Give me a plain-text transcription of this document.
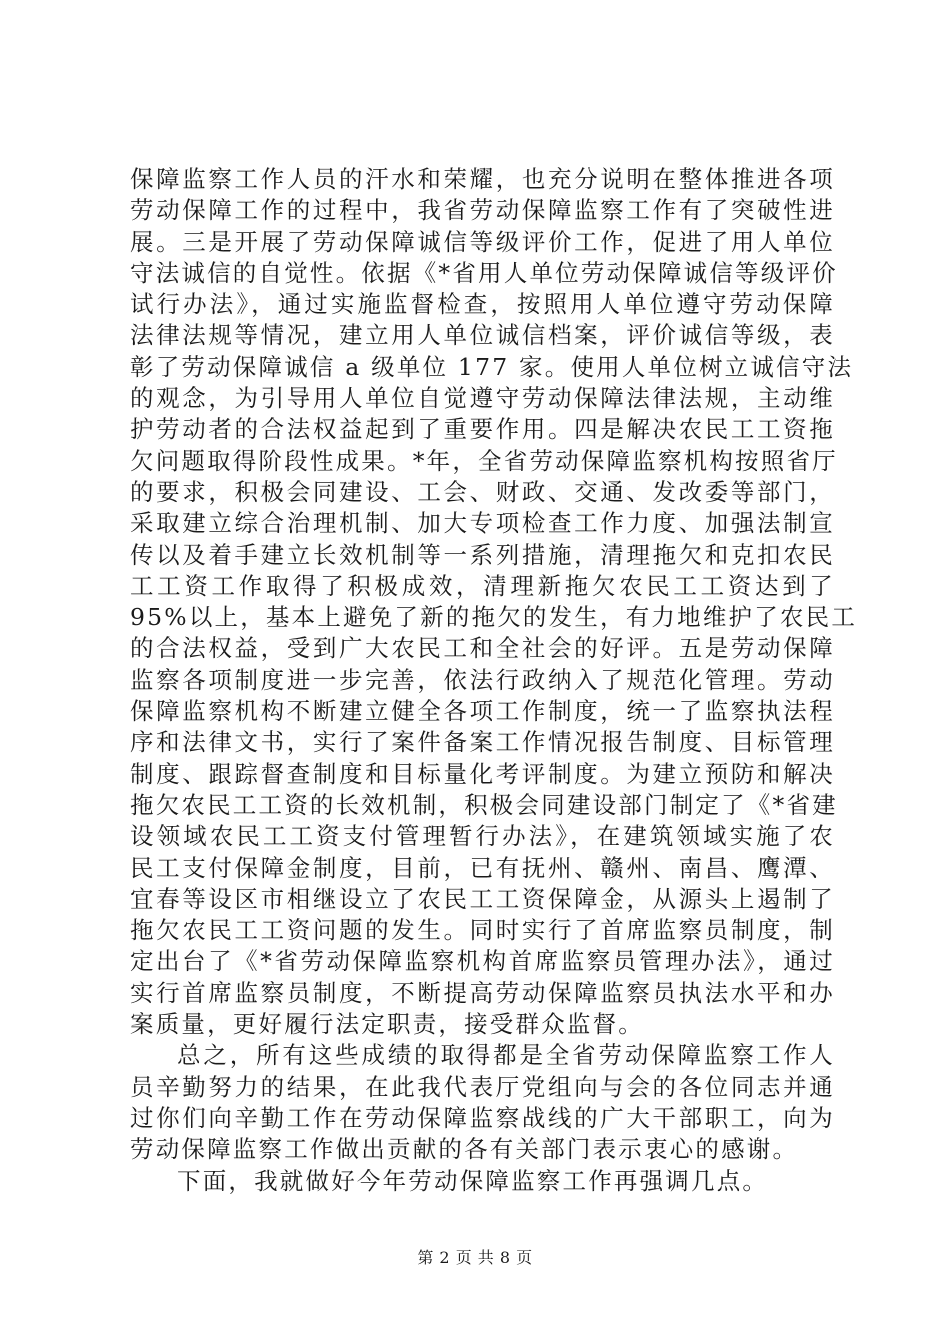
保障监察工作人员的汗水和荣耀，也充分说明在整体推进各项
劳动保障工作的过程中，我省劳动保障监察工作有了突破性进
展。三是开展了劳动保障诚信等级评价工作，促进了用人单位
守法诚信的自觉性。依据《*省用人单位劳动保障诚信等级评价
试行办法》，通过实施监督检查，按照用人单位遵守劳动保障
法律法规等情况，建立用人单位诚信档案，评价诚信等级，表
彰了劳动保障诚信 a 级单位 177 家。使用人单位树立诚信守法
的观念，为引导用人单位自觉遵守劳动保障法律法规，主动维
护劳动者的合法权益起到了重要作用。四是解决农民工工资拖
欠问题取得阶段性成果。*年，全省劳动保障监察机构按照省厅
的要求，积极会同建设、工会、财政、交通、发改委等部门，
采取建立综合治理机制、加大专项检查工作力度、加强法制宣
传以及着手建立长效机制等一系列措施，清理拖欠和克扣农民
工工资工作取得了积极成效，清理新拖欠农民工工资达到了
95%以上，基本上避免了新的拖欠的发生，有力地维护了农民工
的合法权益，受到广大农民工和全社会的好评。五是劳动保障
监察各项制度进一步完善，依法行政纳入了规范化管理。劳动
保障监察机构不断建立健全各项工作制度，统一了监察执法程
序和法律文书，实行了案件备案工作情况报告制度、目标管理
制度、跟踪督查制度和目标量化考评制度。为建立预防和解决
拖欠农民工工资的长效机制，积极会同建设部门制定了《*省建
设领域农民工工资支付管理暂行办法》，在建筑领域实施了农
民工支付保障金制度，目前，已有抚州、赣州、南昌、鹰潭、
宜春等设区市相继设立了农民工工资保障金，从源头上遏制了
拖欠农民工工资问题的发生。同时实行了首席监察员制度，制
定出台了《*省劳动保障监察机构首席监察员管理办法》，通过
实行首席监察员制度，不断提高劳动保障监察员执法水平和办
案质量，更好履行法定职责，接受群众监督。
总之，所有这些成绩的取得都是全省劳动保障监察工作人
员辛勤努力的结果，在此我代表厅党组向与会的各位同志并通
过你们向辛勤工作在劳动保障监察战线的广大干部职工，向为
劳动保障监察工作做出贡献的各有关部门表示衷心的感谢。
下面，我就做好今年劳动保障监察工作再强调几点。
第 2 页 共 8 页
